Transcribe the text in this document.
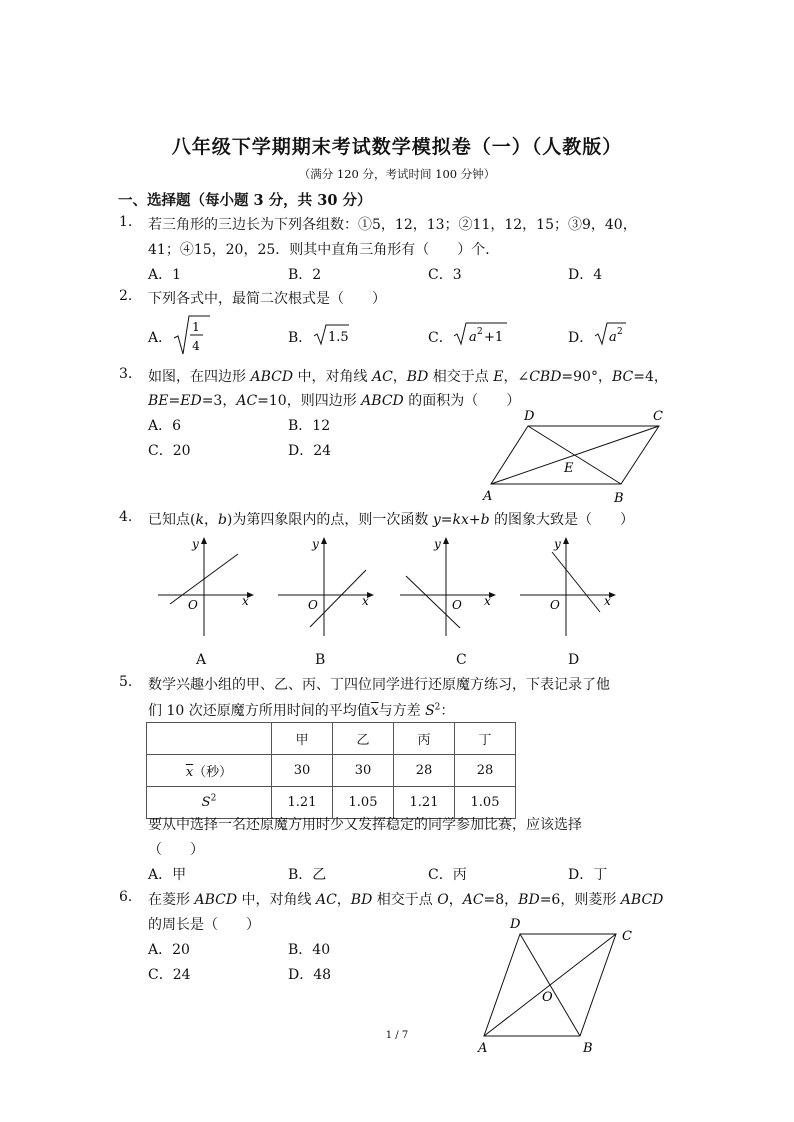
八年级下学期期末考试数学模拟卷（一）（人教版）
（满分 120 分，考试时间 100 分钟）
一、选择题（每小题 3 分，共 30 分）
1. 若三角形的三边长为下列各组数：①5，12，13；②11，12，15；③9，40，
41；④15，20，25．则其中直角三角形有（　　）个．
A．1	B．2	C．3	D．4
2. 下列各式中，最简二次根式是（　　）
A．
1
4	B． 1.5	C． a 2 +1	D． a 2
3. 如图，在四边形 ABCD 中，对角线 AC，BD 相交于点 E，∠CBD=90°，BC=4，
BE=ED=3，AC=10，则四边形 ABCD 的面积为（　　）
A．6	B．12
C．20	D．24
A	B
C
D
E
4. 已知点(k，b)为第四象限内的点，则一次函数 y=kx+b 的图象大致是（　　）
y
x
O
A
y
x
O
B
y
x
O
C
y
x
O
D
5. 数学兴趣小组的甲、乙、丙、丁四位同学进行还原魔方练习，下表记录了他
们 10 次还原魔方所用时间的平均值$\overline{x}$与方差 $S^2$：
	甲	乙	丙	丁
$\overline{x}$（秒）	30	30	28	28
$S^2$	1.21	1.05	1.21	1.05
要从中选择一名还原魔方用时少又发挥稳定的同学参加比赛，应该选择
（　　）
A．甲	B．乙	C．丙	D．丁
6. 在菱形 ABCD 中，对角线 AC，BD 相交于点 O，AC=8，BD=6，则菱形 ABCD
的周长是（　　）
A．20	B．40
C．24	D．48
A	B
C
D
O
1 / 7
